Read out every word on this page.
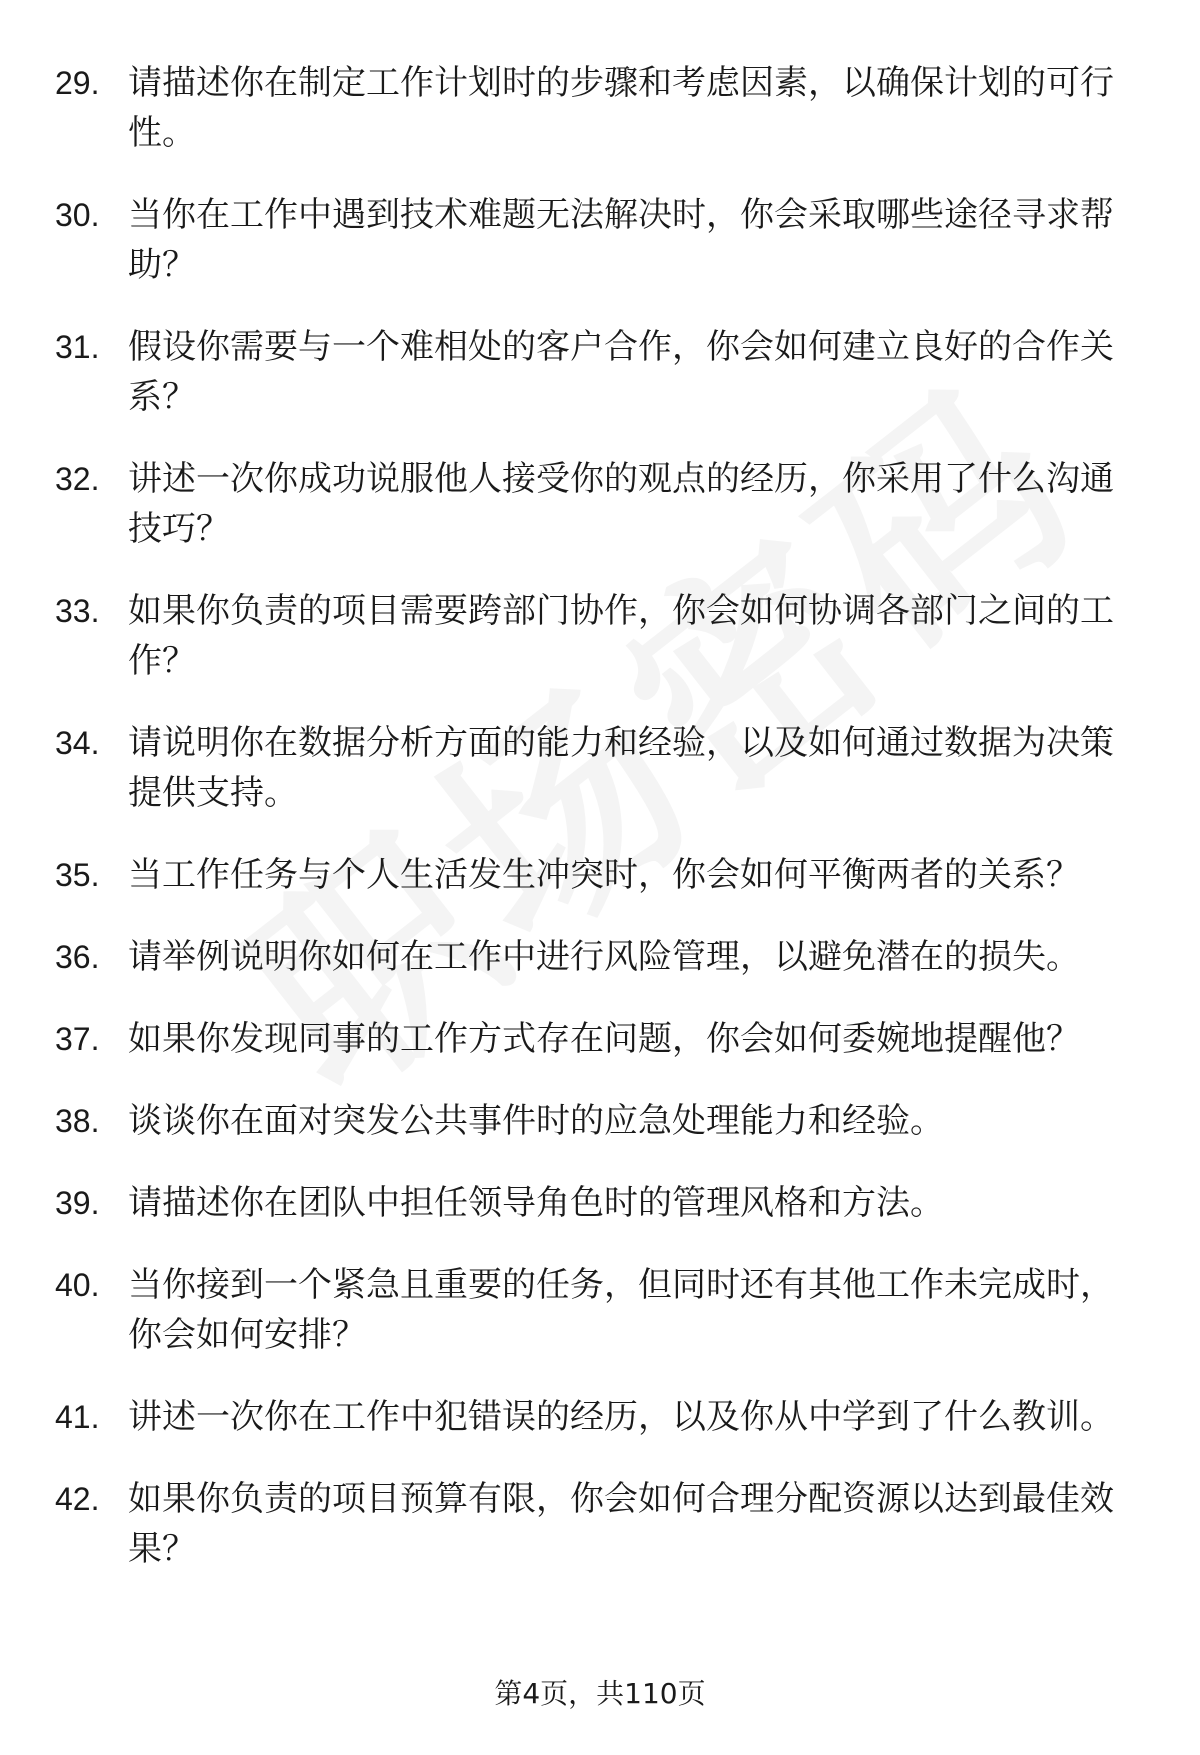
29. 请描述你在制定工作计划时的步骤和考虑因素，以确保计划的可行性。
30. 当你在工作中遇到技术难题无法解决时，你会采取哪些途径寻求帮助？
31. 假设你需要与一个难相处的客户合作，你会如何建立良好的合作关系？
32. 讲述一次你成功说服他人接受你的观点的经历，你采用了什么沟通技巧？
33. 如果你负责的项目需要跨部门协作，你会如何协调各部门之间的工作？
34. 请说明你在数据分析方面的能力和经验，以及如何通过数据为决策提供支持。
35. 当工作任务与个人生活发生冲突时，你会如何平衡两者的关系？
36. 请举例说明你如何在工作中进行风险管理，以避免潜在的损失。
37. 如果你发现同事的工作方式存在问题，你会如何委婉地提醒他？
38. 谈谈你在面对突发公共事件时的应急处理能力和经验。
39. 请描述你在团队中担任领导角色时的管理风格和方法。
40. 当你接到一个紧急且重要的任务，但同时还有其他工作未完成时，你会如何安排？
41. 讲述一次你在工作中犯错误的经历，以及你从中学到了什么教训。
42. 如果你负责的项目预算有限，你会如何合理分配资源以达到最佳效果？
第4页，共110页
